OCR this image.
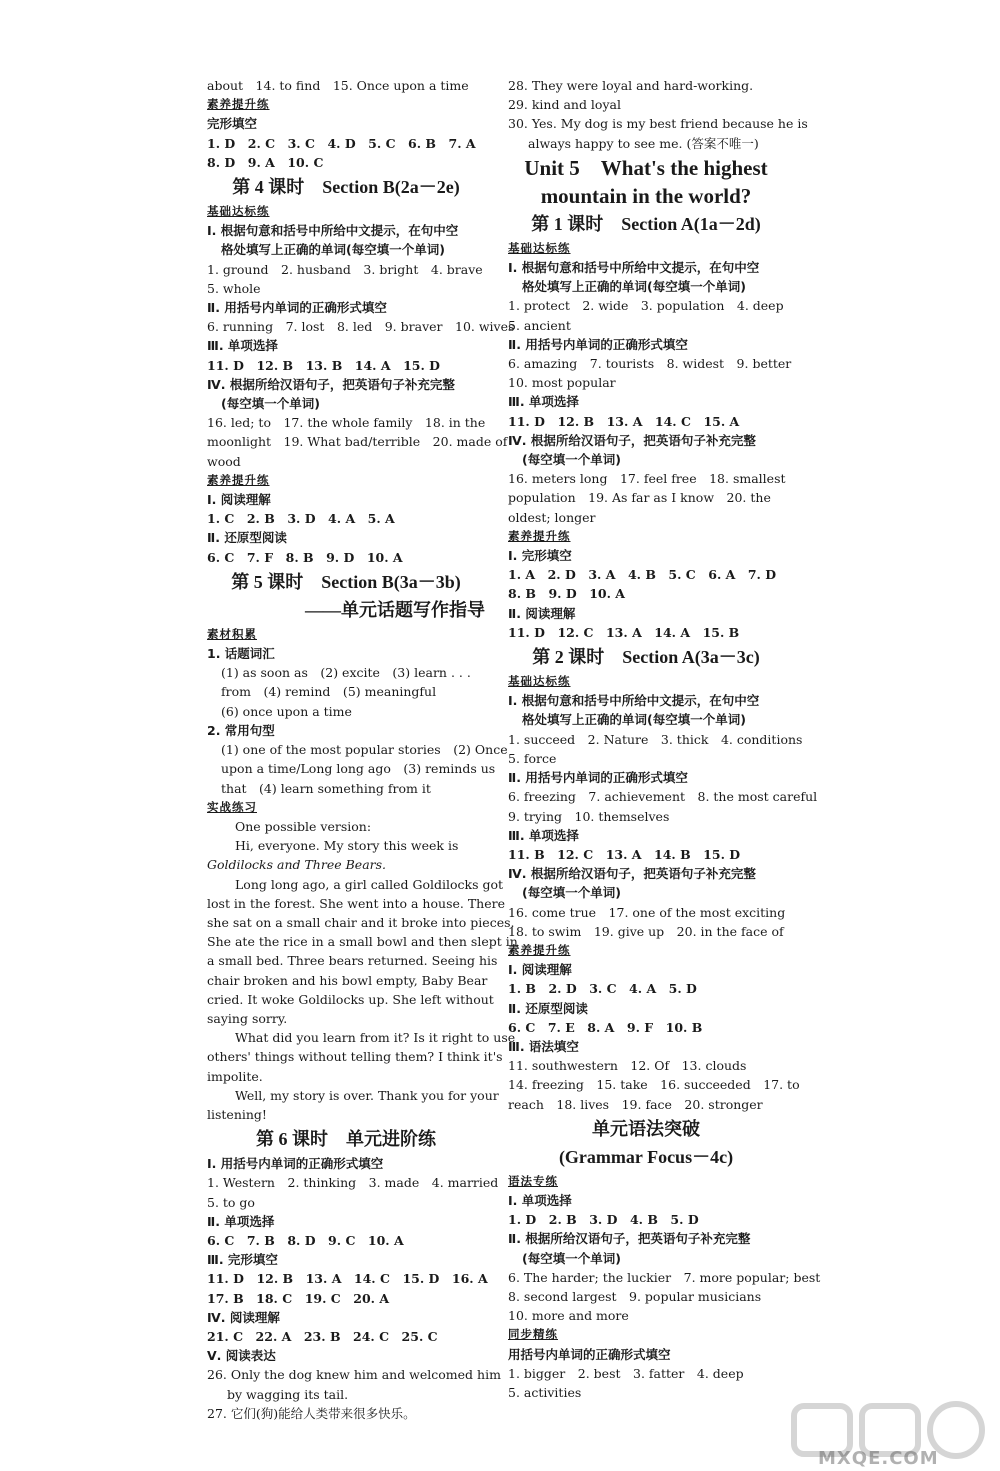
about　14. to find　15. Once upon a time
素养提升练
完形填空
1. D　2. C　3. C　4. D　5. C　6. B　7. A
8. D　9. A　10. C
第 4 课时　Section B(2a－2e)
基础达标练
Ⅰ. 根据句意和括号中所给中文提示，在句中空
格处填写上正确的单词(每空填一个单词)
1. ground　2. husband　3. bright　4. brave
5. whole
Ⅱ. 用括号内单词的正确形式填空
6. running　7. lost　8. led　9. braver　10. wives
Ⅲ. 单项选择
11. D　12. B　13. B　14. A　15. D
Ⅳ. 根据所给汉语句子，把英语句子补充完整
(每空填一个单词)
16. led; to　17. the whole family　18. in the
moonlight　19. What bad/terrible　20. made of
wood
素养提升练
Ⅰ. 阅读理解
1. C　2. B　3. D　4. A　5. A
Ⅱ. 还原型阅读
6. C　7. F　8. B　9. D　10. A
第 5 课时　Section B(3a－3b)
——单元话题写作指导
素材积累
1. 话题词汇
(1) as soon as　(2) excite　(3) learn . . .
from　(4) remind　(5) meaningful
(6) once upon a time
2. 常用句型
(1) one of the most popular stories　(2) Once
upon a time/Long long ago　(3) reminds us
that　(4) learn something from it
实战练习
One possible version:
Hi, everyone. My story this week is
Goldilocks and Three Bears.
Long long ago, a girl called Goldilocks got
lost in the forest. She went into a house. There
she sat on a small chair and it broke into pieces.
She ate the rice in a small bowl and then slept in
a small bed. Three bears returned. Seeing his
chair broken and his bowl empty, Baby Bear
cried. It woke Goldilocks up. She left without
saying sorry.
What did you learn from it? Is it right to use
others' things without telling them? I think it's
impolite.
Well, my story is over. Thank you for your
listening!
第 6 课时　单元进阶练
Ⅰ. 用括号内单词的正确形式填空
1. Western　2. thinking　3. made　4. married
5. to go
Ⅱ. 单项选择
6. C　7. B　8. D　9. C　10. A
Ⅲ. 完形填空
11. D　12. B　13. A　14. C　15. D　16. A
17. B　18. C　19. C　20. A
Ⅳ. 阅读理解
21. C　22. A　23. B　24. C　25. C
Ⅴ. 阅读表达
26. Only the dog knew him and welcomed him
by wagging its tail.
27. 它们(狗)能给人类带来很多快乐。
28. They were loyal and hard-working.
29. kind and loyal
30. Yes. My dog is my best friend because he is
always happy to see me. (答案不唯一)
Unit 5　What's the highest
mountain in the world?
第 1 课时　Section A(1a－2d)
基础达标练
Ⅰ. 根据句意和括号中所给中文提示，在句中空
格处填写上正确的单词(每空填一个单词)
1. protect　2. wide　3. population　4. deep
5. ancient
Ⅱ. 用括号内单词的正确形式填空
6. amazing　7. tourists　8. widest　9. better
10. most popular
Ⅲ. 单项选择
11. D　12. B　13. A　14. C　15. A
Ⅳ. 根据所给汉语句子，把英语句子补充完整
(每空填一个单词)
16. meters long　17. feel free　18. smallest
population　19. As far as I know　20. the
oldest; longer
素养提升练
Ⅰ. 完形填空
1. A　2. D　3. A　4. B　5. C　6. A　7. D
8. B　9. D　10. A
Ⅱ. 阅读理解
11. D　12. C　13. A　14. A　15. B
第 2 课时　Section A(3a－3c)
基础达标练
Ⅰ. 根据句意和括号中所给中文提示，在句中空
格处填写上正确的单词(每空填一个单词)
1. succeed　2. Nature　3. thick　4. conditions
5. force
Ⅱ. 用括号内单词的正确形式填空
6. freezing　7. achievement　8. the most careful
9. trying　10. themselves
Ⅲ. 单项选择
11. B　12. C　13. A　14. B　15. D
Ⅳ. 根据所给汉语句子，把英语句子补充完整
(每空填一个单词)
16. come true　17. one of the most exciting
18. to swim　19. give up　20. in the face of
素养提升练
Ⅰ. 阅读理解
1. B　2. D　3. C　4. A　5. D
Ⅱ. 还原型阅读
6. C　7. E　8. A　9. F　10. B
Ⅲ. 语法填空
11. southwestern　12. Of　13. clouds
14. freezing　15. take　16. succeeded　17. to
reach　18. lives　19. face　20. stronger
单元语法突破
(Grammar Focus－4c)
语法专练
Ⅰ. 单项选择
1. D　2. B　3. D　4. B　5. D
Ⅱ. 根据所给汉语句子，把英语句子补充完整
(每空填一个单词)
6. The harder; the luckier　7. more popular; best
8. second largest　9. popular musicians
10. more and more
同步精练
用括号内单词的正确形式填空
1. bigger　2. best　3. fatter　4. deep
5. activities
MXQE.COM
